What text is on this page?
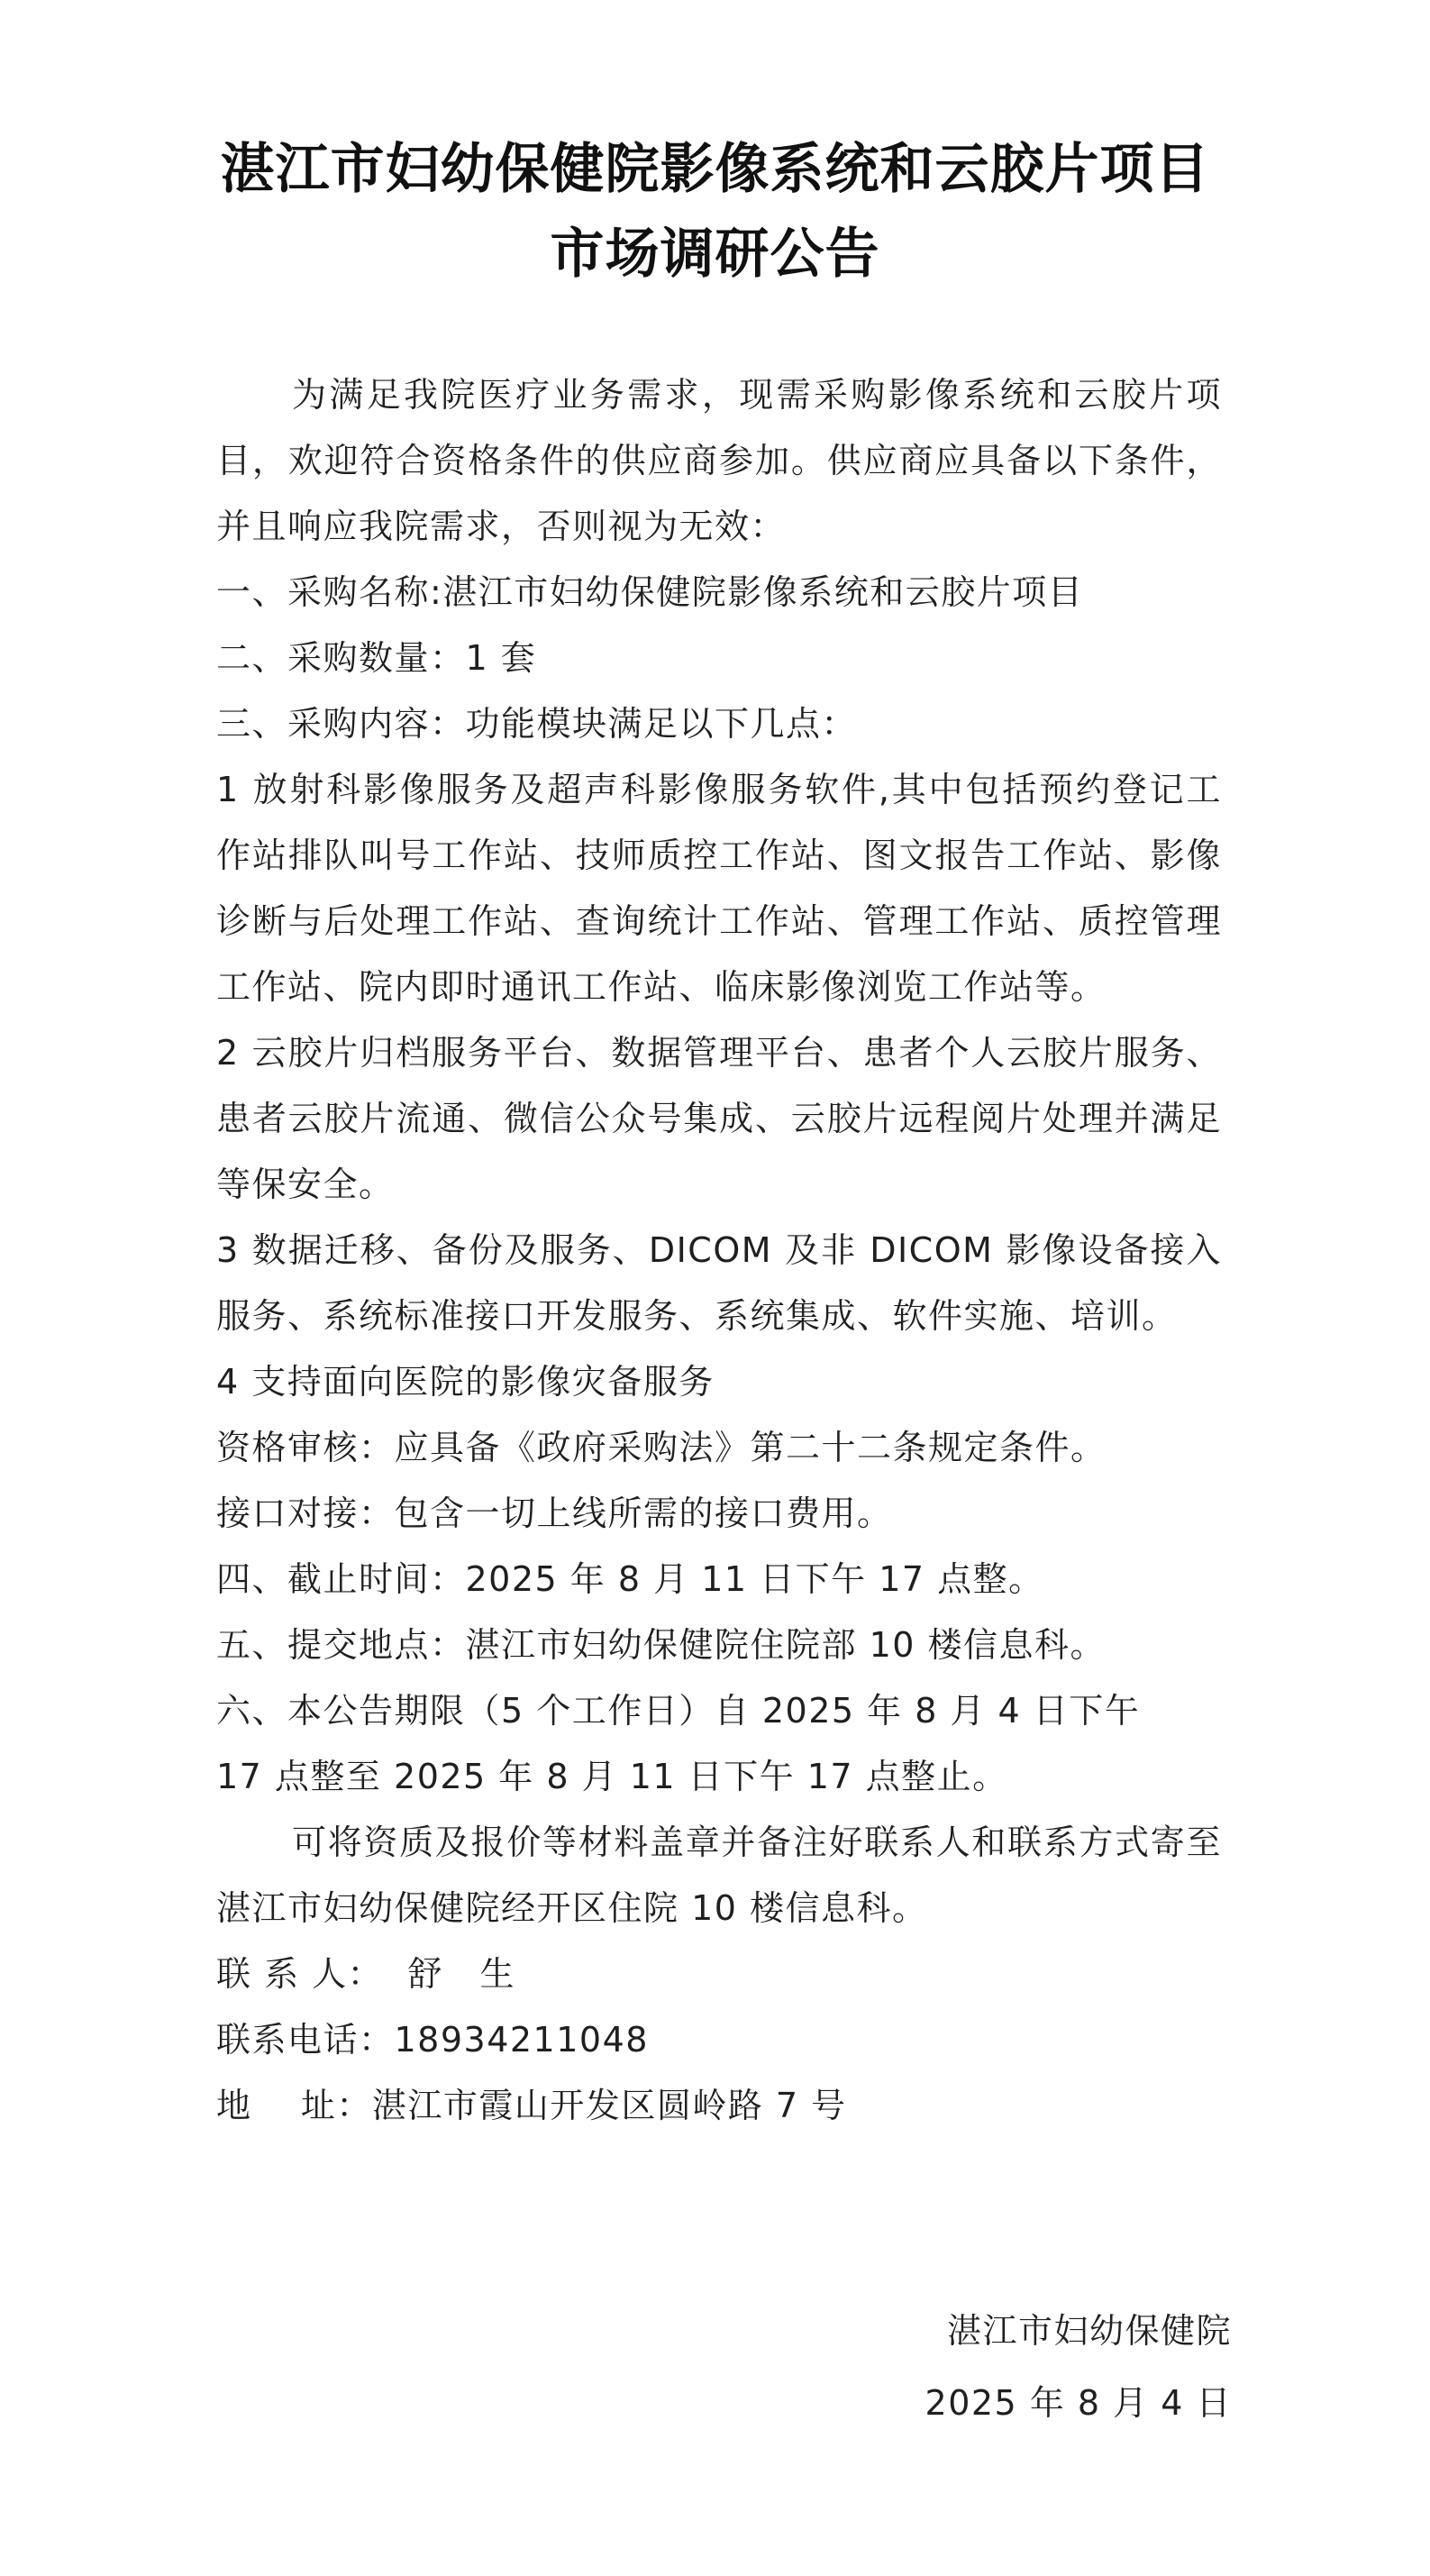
湛江市妇幼保健院影像系统和云胶片项目
市场调研公告

为满足我院医疗业务需求，现需采购影像系统和云胶片项目，欢迎符合资格条件的供应商参加。供应商应具备以下条件，并且响应我院需求，否则视为无效：

一、采购名称:湛江市妇幼保健院影像系统和云胶片项目

二、采购数量：1 套

三、采购内容：功能模块满足以下几点：

1 放射科影像服务及超声科影像服务软件,其中包括预约登记工作站排队叫号工作站、技师质控工作站、图文报告工作站、影像诊断与后处理工作站、查询统计工作站、管理工作站、质控管理工作站、院内即时通讯工作站、临床影像浏览工作站等。

2 云胶片归档服务平台、数据管理平台、患者个人云胶片服务、患者云胶片流通、微信公众号集成、云胶片远程阅片处理并满足等保安全。

3 数据迁移、备份及服务、DICOM 及非 DICOM 影像设备接入服务、系统标准接口开发服务、系统集成、软件实施、培训。

4 支持面向医院的影像灾备服务

资格审核：应具备《政府采购法》第二十二条规定条件。

接口对接：包含一切上线所需的接口费用。

四、截止时间：2025 年 8 月 11 日下午 17 点整。

五、提交地点：湛江市妇幼保健院住院部 10 楼信息科。

六、本公告期限（5 个工作日）自 2025 年 8 月 4 日下午

17 点整至 2025 年 8 月 11 日下午 17 点整止。

可将资质及报价等材料盖章并备注好联系人和联系方式寄至湛江市妇幼保健院经开区住院 10 楼信息科。

联 系 人：  舒   生

联系电话：18934211048

地    址：湛江市霞山开发区圆岭路 7 号

湛江市妇幼保健院
2025 年 8 月 4 日
